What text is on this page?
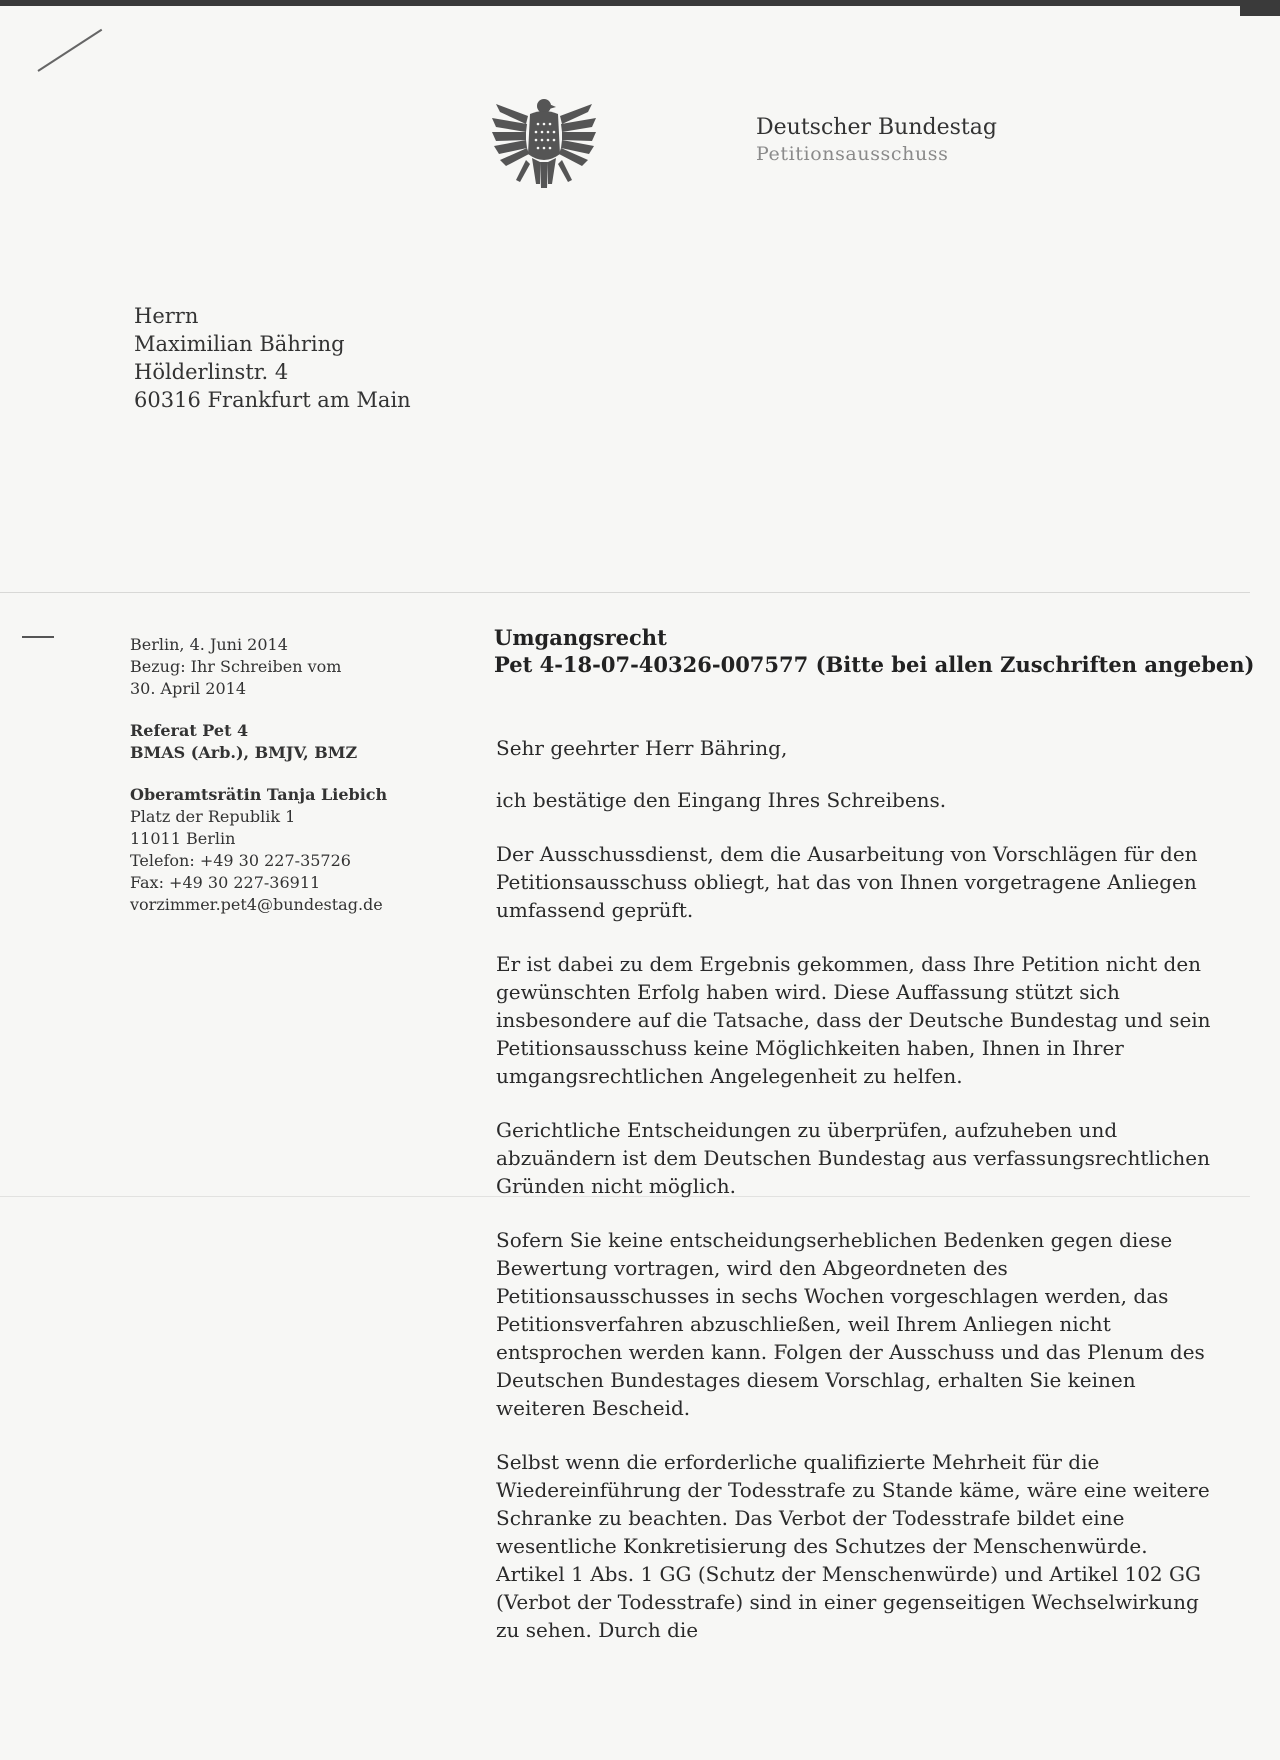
Deutscher Bundestag
Petitionsausschuss
Herrn
Maximilian Bähring
Hölderlinstr. 4
60316 Frankfurt am Main
Berlin, 4. Juni 2014
Bezug: Ihr Schreiben vom
30. April 2014
Referat Pet 4
BMAS (Arb.), BMJV, BMZ
Oberamtsrätin Tanja Liebich
Platz der Republik 1
11011 Berlin
Telefon: +49 30 227-35726
Fax: +49 30 227-36911
vorzimmer.pet4@bundestag.de
Umgangsrecht
Pet 4-18-07-40326-007577 (Bitte bei allen Zuschriften angeben)

Sehr geehrter Herr Bähring,

ich bestätige den Eingang Ihres Schreibens.

Der Ausschussdienst, dem die Ausarbeitung von Vorschlägen für den Petitionsausschuss obliegt, hat das von Ihnen vorgetragene Anliegen umfassend geprüft.

Er ist dabei zu dem Ergebnis gekommen, dass Ihre Petition nicht den gewünschten Erfolg haben wird. Diese Auffassung stützt sich insbesondere auf die Tatsache, dass der Deutsche Bundestag und sein Petitionsausschuss keine Möglichkeiten haben, Ihnen in Ihrer umgangsrechtlichen Angelegenheit zu helfen.

Gerichtliche Entscheidungen zu überprüfen, aufzuheben und abzuändern ist dem Deutschen Bundestag aus verfassungsrechtlichen Gründen nicht möglich.

Sofern Sie keine entscheidungserheblichen Bedenken gegen diese Bewertung vortragen, wird den Abgeordneten des Petitionsausschusses in sechs Wochen vorgeschlagen werden, das Petitionsverfahren abzuschließen, weil Ihrem Anliegen nicht entsprochen werden kann. Folgen der Ausschuss und das Plenum des Deutschen Bundestages diesem Vorschlag, erhalten Sie keinen weiteren Bescheid.

Selbst wenn die erforderliche qualifizierte Mehrheit für die Wiedereinführung der Todesstrafe zu Stande käme, wäre eine weitere Schranke zu beachten. Das Verbot der Todesstrafe bildet eine wesentliche Konkretisierung des Schutzes der Menschenwürde. Artikel 1 Abs. 1 GG (Schutz der Menschenwürde) und Artikel 102 GG (Verbot der Todesstrafe) sind in einer gegenseitigen Wechselwirkung zu sehen. Durch die
